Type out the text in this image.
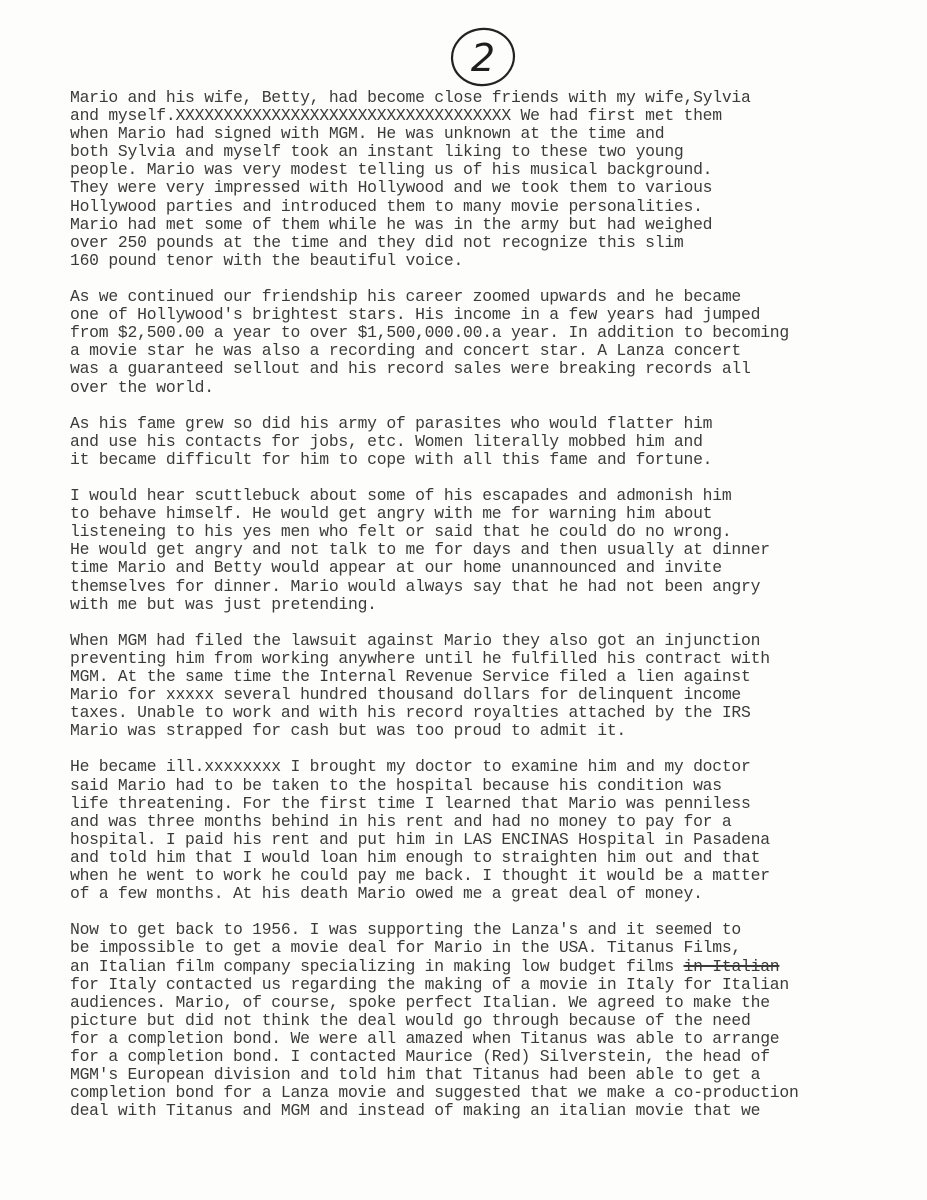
2
Mario and his wife, Betty, had become close friends with my wife,Sylvia
and myself.XXXXXXXXXXXXXXXXXXXXXXXXXXXXXXXXXXX We had first met them
when Mario had signed with MGM. He was unknown at the time and
both Sylvia and myself took an instant liking to these two young
people. Mario was very modest telling us of his musical background.
They were very impressed with Hollywood and we took them to various
Hollywood parties and introduced them to many movie personalities.
Mario had met some of them while he was in the army but had weighed
over 250 pounds at the time and they did not recognize this slim
160 pound tenor with the beautiful voice.
As we continued our friendship his career zoomed upwards and he became
one of Hollywood's brightest stars. His income in a few years had jumped
from $2,500.00 a year to over $1,500,000.00.a year. In addition to becoming
a movie star he was also a recording and concert star. A Lanza concert
was a guaranteed sellout and his record sales were breaking records all
over the world.
As his fame grew so did his army of parasites who would flatter him
and use his contacts for jobs, etc. Women literally mobbed him and
it became difficult for him to cope with all this fame and fortune.
I would hear scuttlebuck about some of his escapades and admonish him
to behave himself. He would get angry with me for warning him about
listeneing to his yes men who felt or said that he could do no wrong.
He would get angry and not talk to me for days and then usually at dinner
time Mario and Betty would appear at our home unannounced and invite
themselves for dinner. Mario would always say that he had not been angry
with me but was just pretending.
When MGM had filed the lawsuit against Mario they also got an injunction
preventing him from working anywhere until he fulfilled his contract with
MGM. At the same time the Internal Revenue Service filed a lien against
Mario for xxxxx several hundred thousand dollars for delinquent income
taxes. Unable to work and with his record royalties attached by the IRS
Mario was strapped for cash but was too proud to admit it.
He became ill.xxxxxxxx I brought my doctor to examine him and my doctor
said Mario had to be taken to the hospital because his condition was
life threatening. For the first time I learned that Mario was penniless
and was three months behind in his rent and had no money to pay for a
hospital. I paid his rent and put him in LAS ENCINAS Hospital in Pasadena
and told him that I would loan him enough to straighten him out and that
when he went to work he could pay me back. I thought it would be a matter
of a few months. At his death Mario owed me a great deal of money.
Now to get back to 1956. I was supporting the Lanza's and it seemed to
be impossible to get a movie deal for Mario in the USA. Titanus Films,
an Italian film company specializing in making low budget films in Italian
for Italy contacted us regarding the making of a movie in Italy for Italian
audiences. Mario, of course, spoke perfect Italian. We agreed to make the
picture but did not think the deal would go through because of the need
for a completion bond. We were all amazed when Titanus was able to arrange
for a completion bond. I contacted Maurice (Red) Silverstein, the head of
MGM's European division and told him that Titanus had been able to get a
completion bond for a Lanza movie and suggested that we make a co-production
deal with Titanus and MGM and instead of making an italian movie that we
